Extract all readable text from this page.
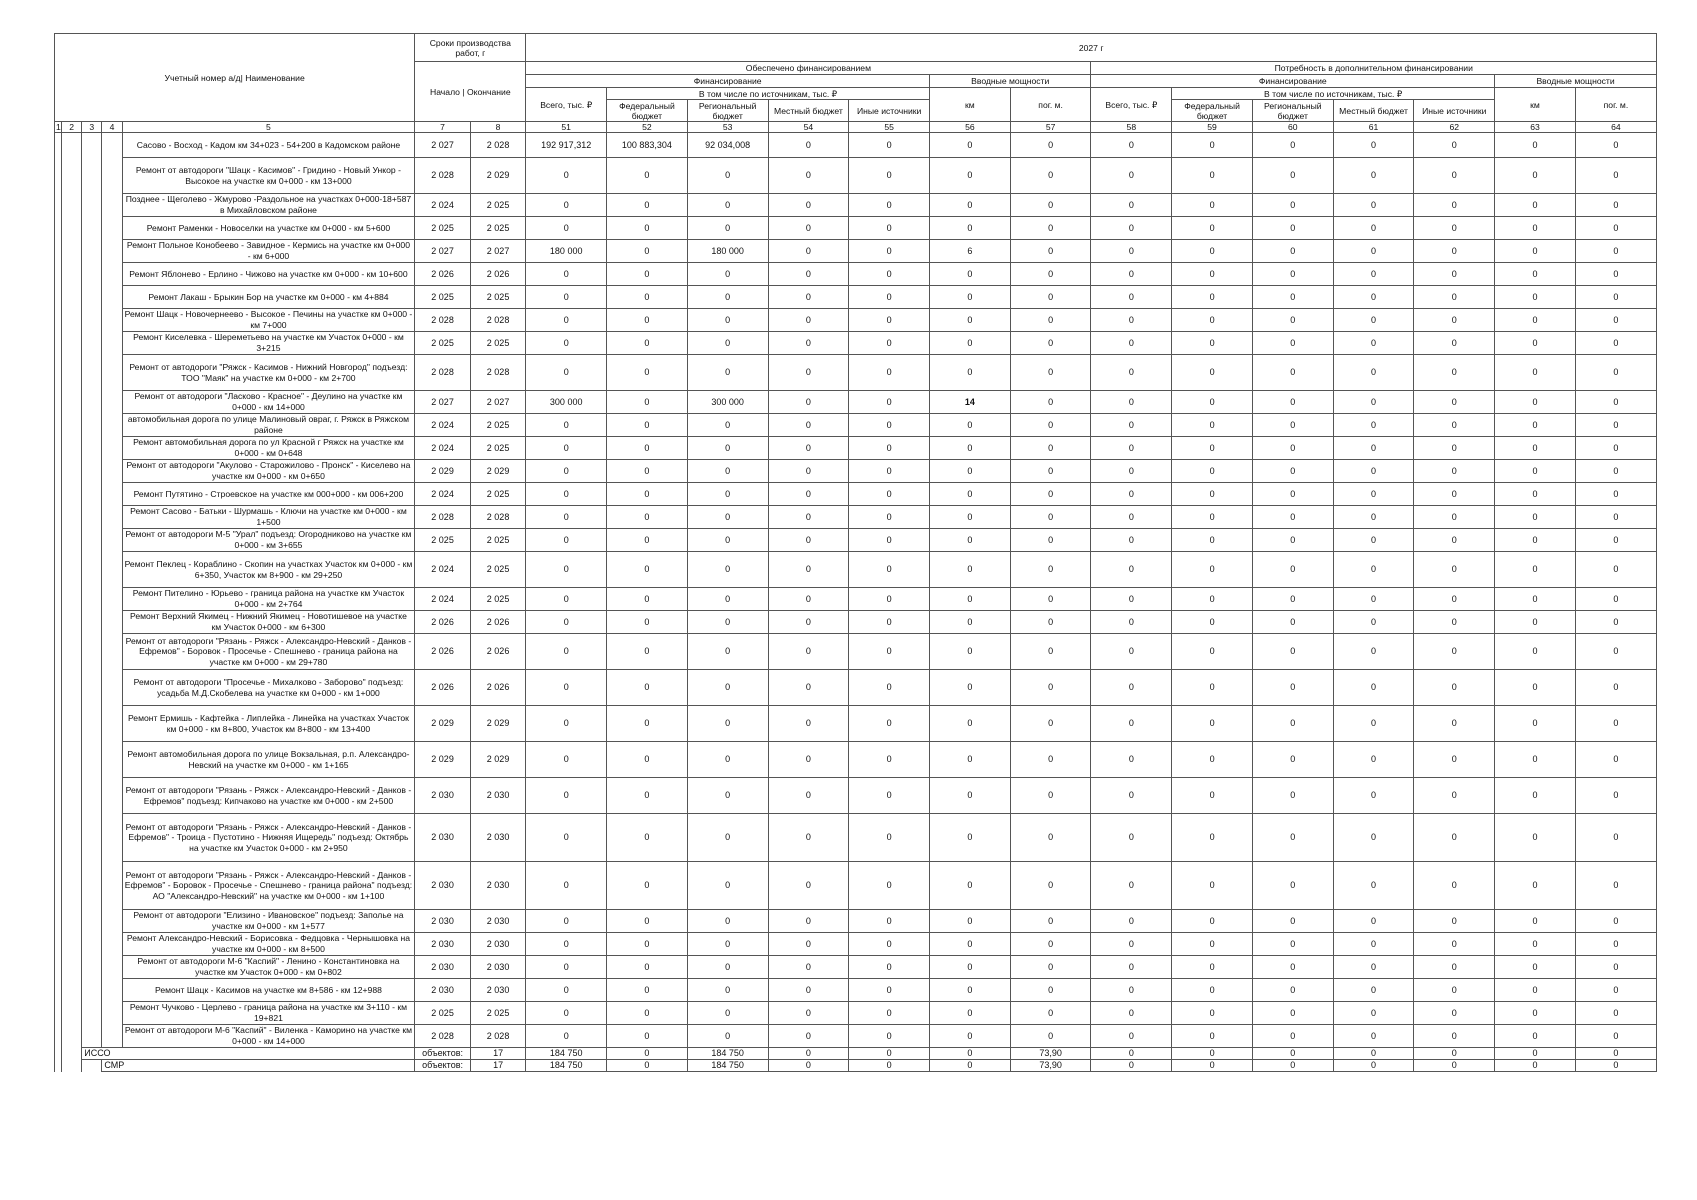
Учетный номер а/д| Наименование					Сроки производства работ, г		2027 г													
					Начало | Окончание		Обеспечено финансированием							Потребность в дополнительном финансировании						
							Финансирование					Вводные мощности		Финансирование					Вводные мощности	
							Всего, тыс. ₽	В том числе по источникам, тыс. ₽				км	пог. м.	Всего, тыс. ₽	В том числе по источникам, тыс. ₽				км	пог. м.
								Федеральный бюджет	Региональный бюджет	Местный бюджет	Иные источники				Федеральный бюджет	Региональный бюджет	Местный бюджет	Иные источники		
1	2	3	4	5	7	8	51	52	53	54	55	56	57	58	59	60	61	62	63	64
				Сасово - Восход - Кадом км 34+023 - 54+200 в Кадомском районе	2 027	2 028	192 917,312	100 883,304	92 034,008	0	0	0	0	0	0	0	0	0	0	0
				Ремонт от автодороги "Шацк - Касимов" - Гридино - Новый Ункор - Высокое на участке км 0+000 - км 13+000	2 028	2 029	0	0	0	0	0	0	0	0	0	0	0	0	0	0
				Позднее - Щеголево - Жмурово -Раздольное на участках 0+000-18+587 в Михайловском районе	2 024	2 025	0	0	0	0	0	0	0	0	0	0	0	0	0	0
				Ремонт Раменки - Новоселки на участке км 0+000 - км 5+600	2 025	2 025	0	0	0	0	0	0	0	0	0	0	0	0	0	0
				Ремонт Польное Конобеево - Завидное - Кермись на участке км 0+000 - км 6+000	2 027	2 027	180 000	0	180 000	0	0	6	0	0	0	0	0	0	0	0
				Ремонт Яблонево - Ерлино - Чижово на участке км 0+000 - км 10+600	2 026	2 026	0	0	0	0	0	0	0	0	0	0	0	0	0	0
				Ремонт Лакаш - Брыкин Бор на участке км 0+000 - км 4+884	2 025	2 025	0	0	0	0	0	0	0	0	0	0	0	0	0	0
				Ремонт Шацк - Новочернеево - Высокое - Печины на участке км 0+000 - км 7+000	2 028	2 028	0	0	0	0	0	0	0	0	0	0	0	0	0	0
				Ремонт Киселевка - Шереметьево на участке км Участок 0+000 - км 3+215	2 025	2 025	0	0	0	0	0	0	0	0	0	0	0	0	0	0
				Ремонт от автодороги "Ряжск - Касимов - Нижний Новгород" подъезд: ТОО "Маяк" на участке км 0+000 - км 2+700	2 028	2 028	0	0	0	0	0	0	0	0	0	0	0	0	0	0
				Ремонт от автодороги "Ласково - Красное" - Деулино на участке км 0+000 - км 14+000	2 027	2 027	300 000	0	300 000	0	0	14	0	0	0	0	0	0	0	0
				автомобильная дорога по улице Малиновый овраг, г. Ряжск в Ряжском районе	2 024	2 025	0	0	0	0	0	0	0	0	0	0	0	0	0	0
				Ремонт автомобильная дорога по ул Красной г Ряжск на участке км 0+000 - км 0+648	2 024	2 025	0	0	0	0	0	0	0	0	0	0	0	0	0	0
				Ремонт от автодороги "Акулово - Старожилово - Пронск" - Киселево на участке км 0+000 - км 0+650	2 029	2 029	0	0	0	0	0	0	0	0	0	0	0	0	0	0
				Ремонт Путятино - Строевское на участке км 000+000 - км 006+200	2 024	2 025	0	0	0	0	0	0	0	0	0	0	0	0	0	0
				Ремонт Сасово - Батьки - Шурмашь - Ключи на участке км 0+000 - км 1+500	2 028	2 028	0	0	0	0	0	0	0	0	0	0	0	0	0	0
				Ремонт от автодороги М-5 "Урал" подъезд: Огородниково на участке км 0+000 - км 3+655	2 025	2 025	0	0	0	0	0	0	0	0	0	0	0	0	0	0
				Ремонт Пеклец - Кораблино - Скопин на участках Участок км 0+000 - км 6+350, Участок км 8+900 - км 29+250	2 024	2 025	0	0	0	0	0	0	0	0	0	0	0	0	0	0
				Ремонт Пителино - Юрьево - граница района на участке км Участок 0+000 - км 2+764	2 024	2 025	0	0	0	0	0	0	0	0	0	0	0	0	0	0
				Ремонт Верхний Якимец - Нижний Якимец - Новотишевое на участке км Участок 0+000 - км 6+300	2 026	2 026	0	0	0	0	0	0	0	0	0	0	0	0	0	0
				Ремонт от автодороги "Рязань - Ряжск - Александро-Невский - Данков - Ефремов" - Боровок - Просечье - Спешнево - граница района на участке км 0+000 - км 29+780	2 026	2 026	0	0	0	0	0	0	0	0	0	0	0	0	0	0
				Ремонт от автодороги "Просечье - Михалково - Заборово" подъезд: усадьба М.Д.Скобелева на участке км 0+000 - км 1+000	2 026	2 026	0	0	0	0	0	0	0	0	0	0	0	0	0	0
				Ремонт Ермишь - Кафтейка - Липлейка - Линейка на участках Участок км 0+000 - км 8+800, Участок км 8+800 - км 13+400	2 029	2 029	0	0	0	0	0	0	0	0	0	0	0	0	0	0
				Ремонт автомобильная дорога по улице Вокзальная, р.п. Александро-Невский на участке км 0+000 - км 1+165	2 029	2 029	0	0	0	0	0	0	0	0	0	0	0	0	0	0
				Ремонт от автодороги "Рязань - Ряжск - Александро-Невский - Данков - Ефремов" подъезд: Кипчаково на участке км 0+000 - км 2+500	2 030	2 030	0	0	0	0	0	0	0	0	0	0	0	0	0	0
				Ремонт от автодороги "Рязань - Ряжск - Александро-Невский - Данков - Ефремов" - Троица - Пустотино - Нижняя Ищередь" подъезд: Октябрь на участке км Участок 0+000 - км 2+950	2 030	2 030	0	0	0	0	0	0	0	0	0	0	0	0	0	0
				Ремонт от автодороги "Рязань - Ряжск - Александро-Невский - Данков - Ефремов" - Боровок - Просечье - Спешнево - граница района" подъезд: АО "Александро-Невский" на участке км 0+000 - км 1+100	2 030	2 030	0	0	0	0	0	0	0	0	0	0	0	0	0	0
				Ремонт от автодороги "Елизино - Ивановское" подъезд: Заполье на участке км 0+000 - км 1+577	2 030	2 030	0	0	0	0	0	0	0	0	0	0	0	0	0	0
				Ремонт Александро-Невский - Борисовка - Федцовка - Чернышовка на участке км 0+000 - км 8+500	2 030	2 030	0	0	0	0	0	0	0	0	0	0	0	0	0	0
				Ремонт от автодороги М-6 "Каспий" - Ленино - Константиновка на участке км Участок 0+000 - км 0+802	2 030	2 030	0	0	0	0	0	0	0	0	0	0	0	0	0	0
				Ремонт Шацк - Касимов на участке км 8+586 - км 12+988	2 030	2 030	0	0	0	0	0	0	0	0	0	0	0	0	0	0
				Ремонт Чучково - Церлево - граница района на участке км 3+110 - км 19+821	2 025	2 025	0	0	0	0	0	0	0	0	0	0	0	0	0	0
				Ремонт от автодороги М-6 "Каспий" - Виленка - Каморино на участке км 0+000 - км 14+000	2 028	2 028	0	0	0	0	0	0	0	0	0	0	0	0	0	0
		ИССО			объектов:	17	184 750	0	184 750	0	0	0	73,90	0	0	0	0	0	0	0
			СМР		объектов:	17	184 750	0	184 750	0	0	0	73,90	0	0	0	0	0	0	0
